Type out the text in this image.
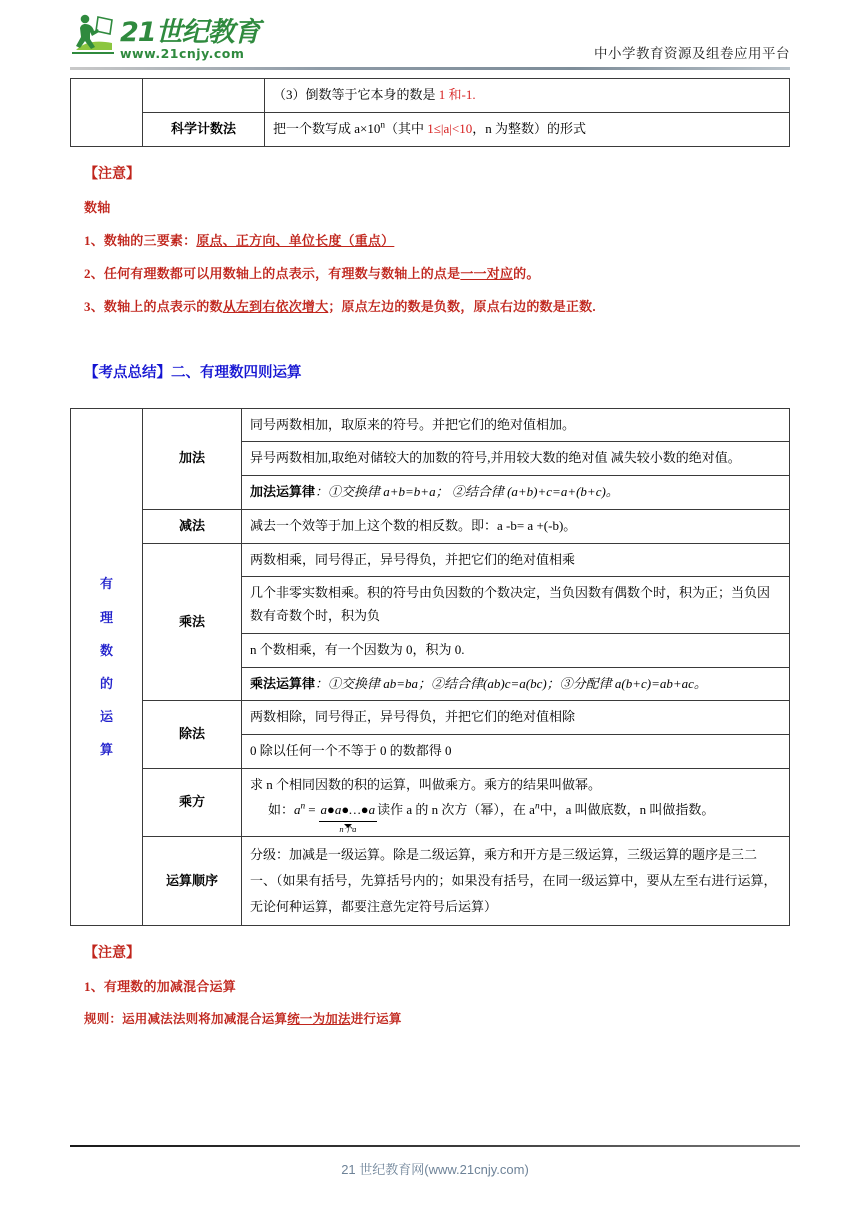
21世纪教育
www.21cnjy.com	中小学教育资源及组卷应用平台
		（3）倒数等于它本身的数是 1 和-1.
	科学计数法	把一个数写成 $a\times 10^n$（其中 1≤|a|<10，n 为整数）的形式
【注意】
数轴
1、数轴的三要素：原点、正方向、单位长度（重点）
2、任何有理数都可以用数轴上的点表示，有理数与数轴上的点是一一对应的。
3、数轴上的点表示的数从左到右依次增大；原点左边的数是负数，原点右边的数是正数.
【考点总结】二、有理数四则运算
有
理
数
的
运
算
	加法	同号两数相加，取原来的符号。并把它们的绝对值相加。
		异号两数相加,取绝对储较大的加数的符号,并用较大数的绝对值 减失较小数的绝对值。
		加法运算律：①交换律 a+b=b+a； ②结合律 (a+b)+c=a+(b+c)。
	减法	减去一个效等于加上这个数的相反数。即：a -b= a +(-b)。
	乘法	两数相乘，同号得正，异号得负，并把它们的绝对值相乘
		几个非零实数相乘。积的符号由负因数的个数决定，当负因数有偶数个时，积为正；当负因数有奇数个时，积为负
		n 个数相乘，有一个因数为 0，积为 0.
		乘法运算律：①交换律 ab=ba；②结合律(ab)c=a(bc)；③分配律 a(b+c)=ab+ac。
	除法	两数相除，同号得正，异号得负，并把它们的绝对值相除
		0 除以任何一个不等于 0 的数都得 0
	乘方	求 n 个相同因数的积的运算，叫做乘方。乘方的结果叫做幂。
		如：$a^n$ = a●a●…●a
n个a
读作 a 的 n 次方（幂），在 $a^n$中，a 叫做底数，n 叫做指数。
	运算顺序	分级：加减是一级运算。除是二级运算，乘方和开方是三级运算，三级运算的题序是三二一、（如果有括号，先算括号内的；如果没有括号，在同一级运算中，要从左至右进行运算，无论何种运算，都要注意先定符号后运算）
【注意】
1、有理数的加减混合运算
规则：运用减法法则将加减混合运算统一为加法进行运算
21 世纪教育网(www.21cnjy.com)
